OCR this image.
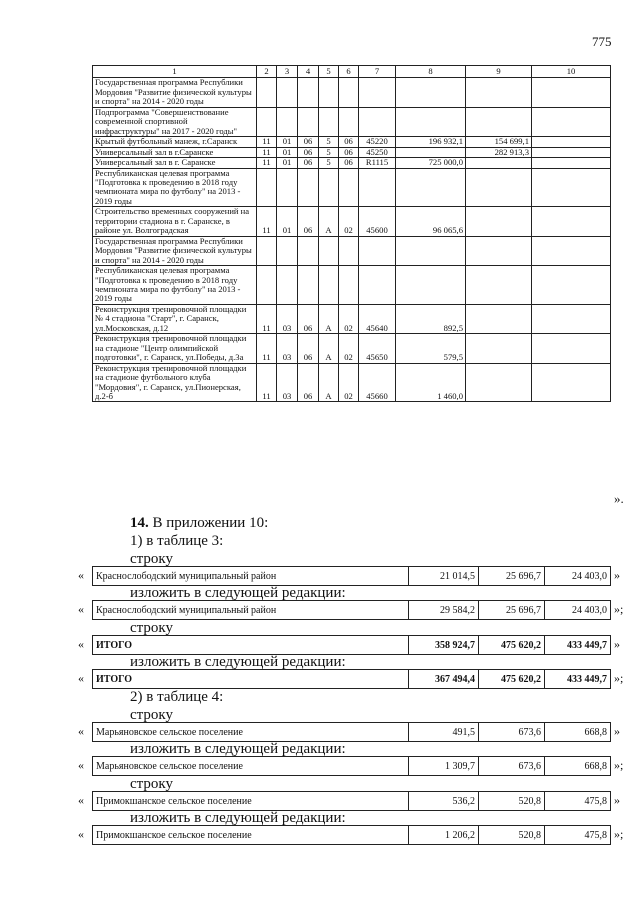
775
1	2	3	4	5	6	7	8	9	10
Государственная программа Республики Мордовия "Развитие физической культуры и спорта" на 2014 - 2020 годы									
Подпрограмма "Совершенствование современной спортивной инфраструктуры" на 2017 - 2020 годы"									
Крытый футбольный манеж, г.Саранск	11	01	06	5	06	45220	196 932,1	154 699,1	
Универсальный зал в г.Саранске	11	01	06	5	06	45250		282 913,3	
Универсальный зал в г. Саранске	11	01	06	5	06	R1115	725 000,0		
Республиканская целевая программа "Подготовка к проведению в 2018 году чемпионата мира по футболу" на 2013 - 2019 годы									
Строительство временных сооружений на территории стадиона в г. Саранске, в районе ул. Волгоградская	11	01	06	А	02	45600	96 065,6		
Государственная программа Республики Мордовия "Развитие физической культуры и спорта" на 2014 - 2020 годы									
Республиканская целевая программа "Подготовка к проведению в 2018 году чемпионата мира по футболу" на 2013 - 2019 годы									
Реконструкция тренировочной площадки № 4 стадиона "Старт", г. Саранск, ул.Московская, д.12	11	03	06	А	02	45640	892,5		
Реконструкция тренировочной площадки на стадионе "Центр олимпийской подготовки", г. Саранск, ул.Победы, д.3а	11	03	06	А	02	45650	579,5		
Реконструкция тренировочной площадки на стадионе футбольного клуба "Мордовия", г. Саранск, ул.Пионерская, д.2-б	11	03	06	А	02	45660	1 460,0		
».
14. В приложении 10:
1) в таблице 3:
строку
« Краснослободский муниципальный район	21 014,5	25 696,7	24 403,0 »
изложить в следующей редакции:
« Краснослободский муниципальный район	29 584,2	25 696,7	24 403,0 »;
строку
« ИТОГО	358 924,7	475 620,2	433 449,7 »
изложить в следующей редакции:
« ИТОГО	367 494,4	475 620,2	433 449,7 »;
2) в таблице 4:
строку
« Марьяновское сельское поселение	491,5	673,6	668,8 »
изложить в следующей редакции:
« Марьяновское сельское поселение	1 309,7	673,6	668,8 »;
строку
« Примокшанское сельское поселение	536,2	520,8	475,8 »
изложить в следующей редакции:
« Примокшанское сельское поселение	1 206,2	520,8	475,8 »;
